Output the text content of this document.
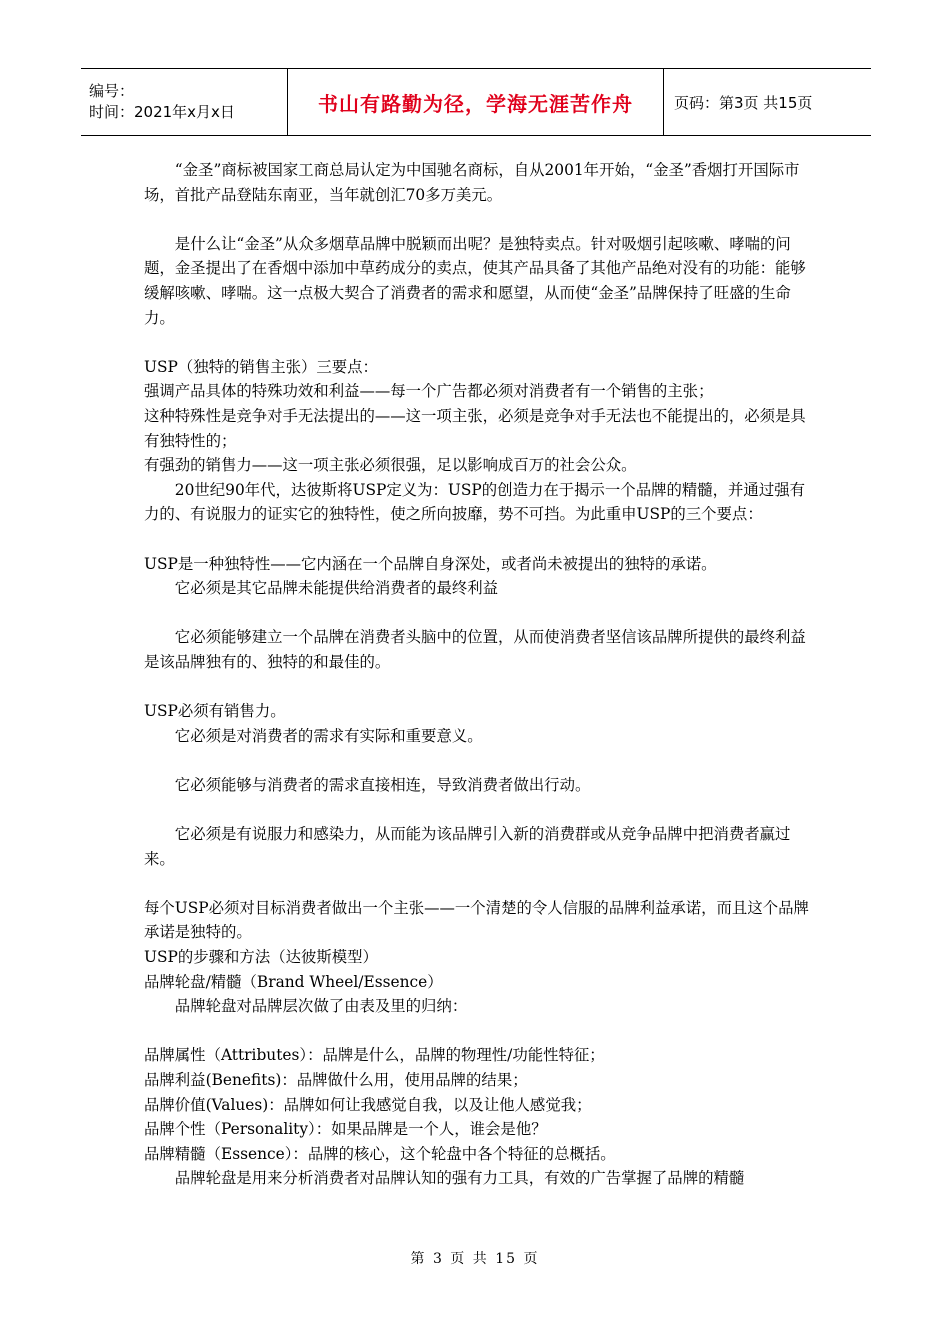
编号：
时间：2021年x月x日	书山有路勤为径，学海无涯苦作舟	页码：第3页 共15页

“金圣”商标被国家工商总局认定为中国驰名商标，自从2001年开始，“金圣”香烟打开国际市场，首批产品登陆东南亚，当年就创汇70多万美元。

是什么让“金圣”从众多烟草品牌中脱颖而出呢？是独特卖点。针对吸烟引起咳嗽、哮喘的问题，金圣提出了在香烟中添加中草药成分的卖点，使其产品具备了其他产品绝对没有的功能：能够缓解咳嗽、哮喘。这一点极大契合了消费者的需求和愿望，从而使“金圣”品牌保持了旺盛的生命力。

USP（独特的销售主张）三要点：

强调产品具体的特殊功效和利益——每一个广告都必须对消费者有一个销售的主张；

这种特殊性是竞争对手无法提出的——这一项主张，必须是竞争对手无法也不能提出的，必须是具有独特性的；

有强劲的销售力——这一项主张必须很强，足以影响成百万的社会公众。

20世纪90年代，达彼斯将USP定义为：USP的创造力在于揭示一个品牌的精髓，并通过强有力的、有说服力的证实它的独特性，使之所向披靡，势不可挡。为此重申USP的三个要点：

USP是一种独特性——它内涵在一个品牌自身深处，或者尚未被提出的独特的承诺。

它必须是其它品牌未能提供给消费者的最终利益

它必须能够建立一个品牌在消费者头脑中的位置，从而使消费者坚信该品牌所提供的最终利益是该品牌独有的、独特的和最佳的。

USP必须有销售力。

它必须是对消费者的需求有实际和重要意义。

它必须能够与消费者的需求直接相连，导致消费者做出行动。

它必须是有说服力和感染力，从而能为该品牌引入新的消费群或从竞争品牌中把消费者赢过来。

每个USP必须对目标消费者做出一个主张——一个清楚的令人信服的品牌利益承诺，而且这个品牌承诺是独特的。

USP的步骤和方法（达彼斯模型）

品牌轮盘/精髓（Brand Wheel/Essence）

品牌轮盘对品牌层次做了由表及里的归纳：

品牌属性（Attributes）：品牌是什么，品牌的物理性/功能性特征；

品牌利益(Benefits)：品牌做什么用，使用品牌的结果；

品牌价值(Values)：品牌如何让我感觉自我，以及让他人感觉我；

品牌个性（Personality）：如果品牌是一个人，谁会是他？

品牌精髓（Essence）：品牌的核心，这个轮盘中各个特征的总概括。

品牌轮盘是用来分析消费者对品牌认知的强有力工具，有效的广告掌握了品牌的精髓

第 3 页 共 15 页
